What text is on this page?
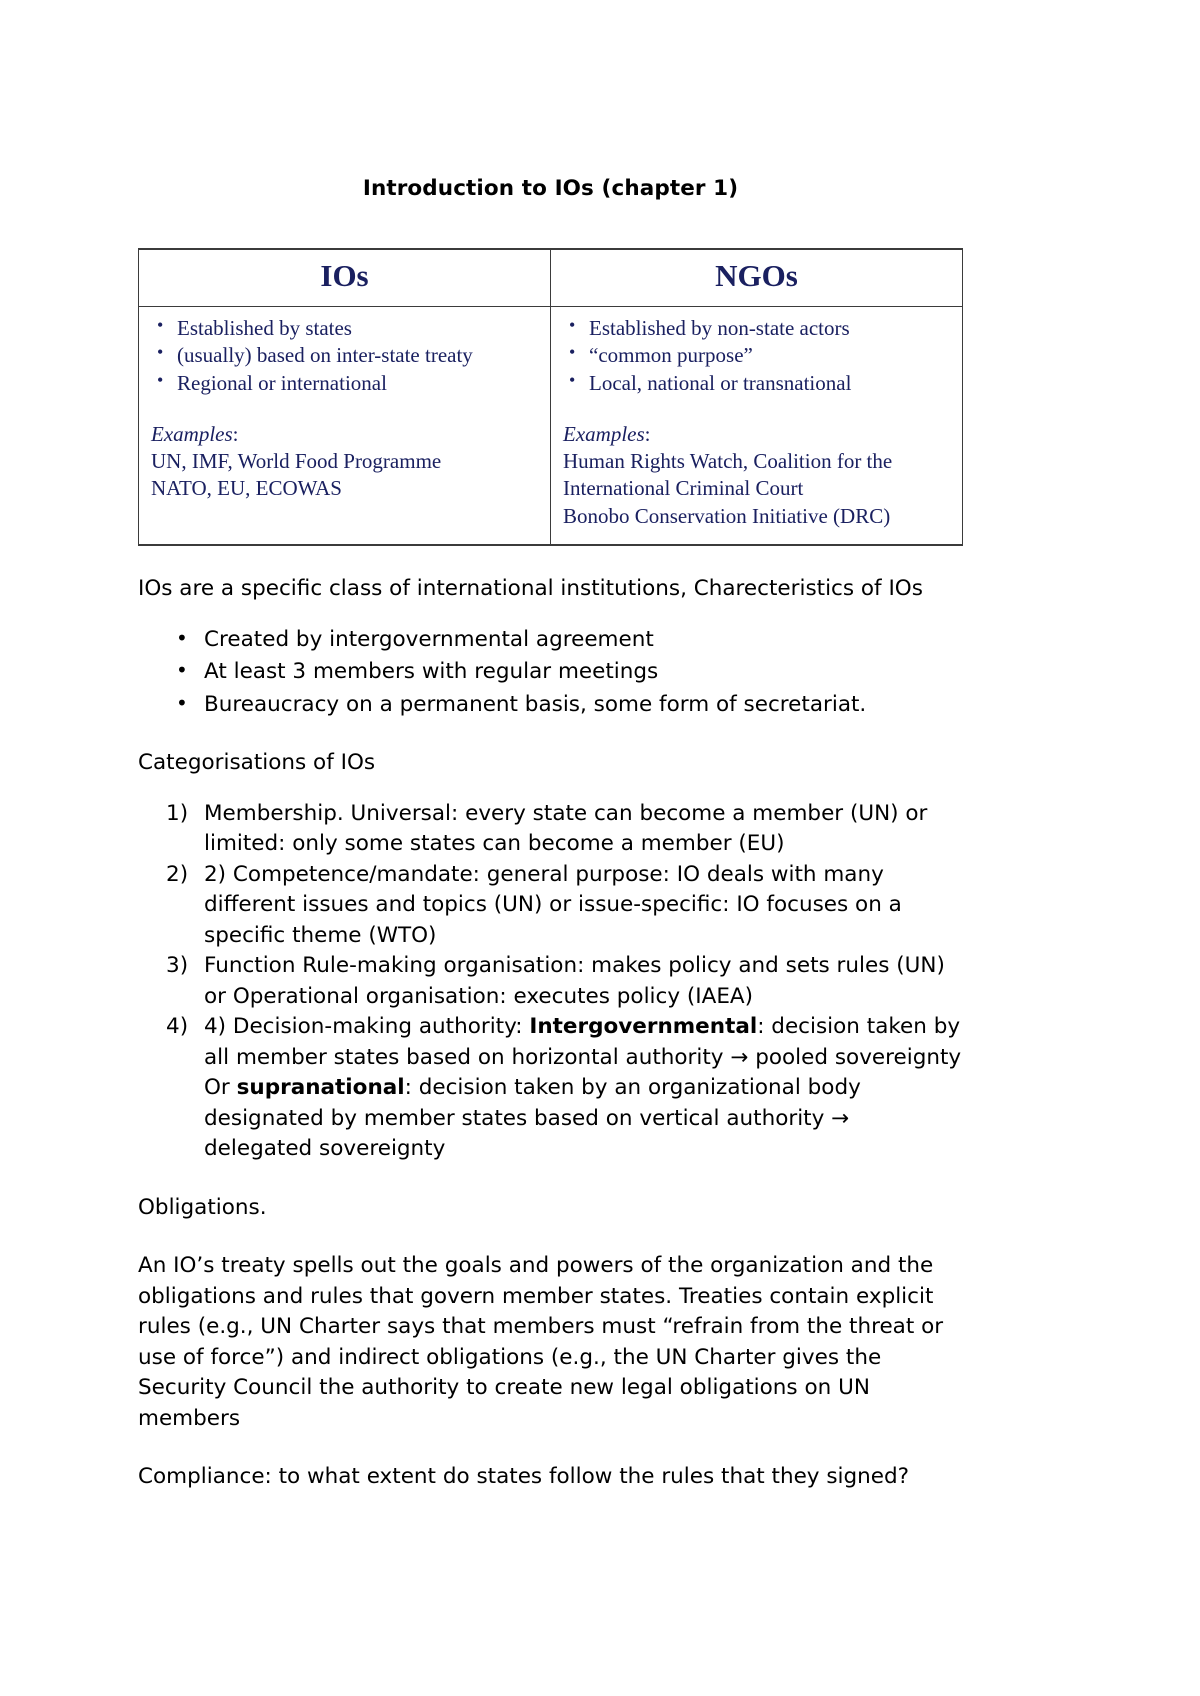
Introduction to IOs (chapter 1)
IOs	NGOs

• Established by states
• (usually) based on inter-state treaty
• Regional or international
Examples:
UN, IMF, World Food Programme
NATO, EU, ECOWAS

• Established by non-state actors
• “common purpose”
• Local, national or transnational
Examples:
Human Rights Watch, Coalition for the
International Criminal Court
Bonobo Conservation Initiative (DRC)

IOs are a specific class of international institutions, Charecteristics of IOs

• Created by intergovernmental agreement
• At least 3 members with regular meetings
• Bureaucracy on a permanent basis, some form of secretariat.

Categorisations of IOs

Membership. Universal: every state can become a member (UN) or limited: only some states can become a member (EU)
2) Competence/mandate: general purpose: IO deals with many different issues and topics (UN) or issue-specific: IO focuses on a specific theme (WTO)
Function Rule-making organisation: makes policy and sets rules (UN) or Operational organisation: executes policy (IAEA)
4) Decision-making authority: Intergovernmental: decision taken by all member states based on horizontal authority → pooled sovereignty
Or supranational: decision taken by an organizational body designated by member states based on vertical authority → delegated sovereignty

Obligations.

An IO’s treaty spells out the goals and powers of the organization and the obligations and rules that govern member states. Treaties contain explicit rules (e.g., UN Charter says that members must “refrain from the threat or use of force”) and indirect obligations (e.g., the UN Charter gives the Security Council the authority to create new legal obligations on UN members

Compliance: to what extent do states follow the rules that they signed?
